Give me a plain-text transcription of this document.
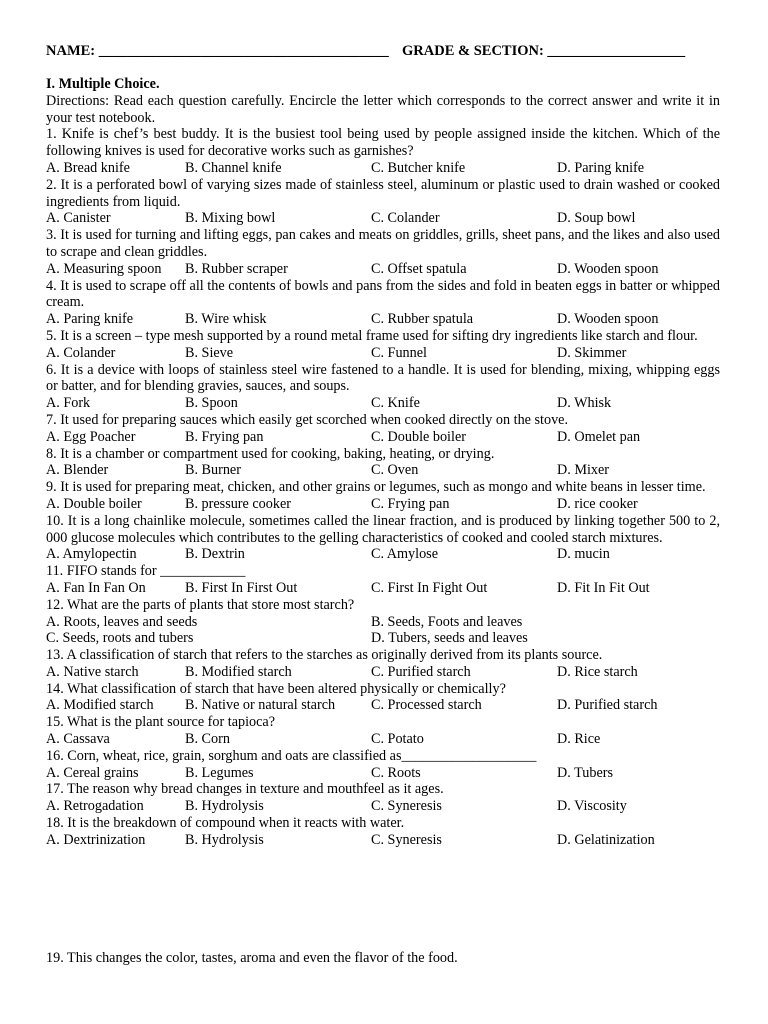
NAME: ________________________________________ GRADE & SECTION: ___________________
I. Multiple Choice.
Directions: Read each question carefully. Encircle the letter which corresponds to the correct answer and write it in your test notebook.
1. Knife is chef’s best buddy. It is the busiest tool being used by people assigned inside the kitchen. Which of the following knives is used for decorative works such as garnishes?
A. Bread knife	B. Channel knife	C. Butcher knife	D. Paring knife
2. It is a perforated bowl of varying sizes made of stainless steel, aluminum or plastic used to drain washed or cooked ingredients from liquid.
A. Canister	B. Mixing bowl	C. Colander	D. Soup bowl
3. It is used for turning and lifting eggs, pan cakes and meats on griddles, grills, sheet pans, and the likes and also used to scrape and clean griddles.
A. Measuring spoon	B. Rubber scraper	C. Offset spatula	D. Wooden spoon
4. It is used to scrape off all the contents of bowls and pans from the sides and fold in beaten eggs in batter or whipped cream.
A. Paring knife	B. Wire whisk	C. Rubber spatula	D. Wooden spoon
5. It is a screen – type mesh supported by a round metal frame used for sifting dry ingredients like starch and flour.
A. Colander	B. Sieve	C. Funnel	D. Skimmer
6. It is a device with loops of stainless steel wire fastened to a handle. It is used for blending, mixing, whipping eggs or batter, and for blending gravies, sauces, and soups.
A. Fork	B. Spoon	C. Knife	D. Whisk
7. It used for preparing sauces which easily get scorched when cooked directly on the stove.
A. Egg Poacher	B. Frying pan	C. Double boiler	D. Omelet pan
8. It is a chamber or compartment used for cooking, baking, heating, or drying.
A. Blender	B. Burner	C. Oven	D. Mixer
9. It is used for preparing meat, chicken, and other grains or legumes, such as mongo and white beans in lesser time.
A. Double boiler	B. pressure cooker	C. Frying pan	D. rice cooker
10. It is a long chainlike molecule, sometimes called the linear fraction, and is produced by linking together 500 to 2, 000 glucose molecules which contributes to the gelling characteristics of cooked and cooled starch mixtures.
A. Amylopectin	B. Dextrin	C. Amylose	D. mucin
11. FIFO stands for ____________
A. Fan In Fan On	B. First In First Out	C. First In Fight Out	D. Fit In Fit Out
12. What are the parts of plants that store most starch?
A. Roots, leaves and seeds	B. Seeds, Foots and leaves
C. Seeds, roots and tubers	D. Tubers, seeds and leaves
13. A classification of starch that refers to the starches as originally derived from its plants source.
A. Native starch	B. Modified starch	C. Purified starch	D. Rice starch
14. What classification of starch that have been altered physically or chemically?
A. Modified starch	B. Native or natural starch	C. Processed starch	D. Purified starch
15. What is the plant source for tapioca?
A. Cassava	B. Corn	C. Potato	D. Rice
16. Corn, wheat, rice, grain, sorghum and oats are classified as___________________
A. Cereal grains	B. Legumes	C. Roots	D. Tubers
17. The reason why bread changes in texture and mouthfeel as it ages.
A. Retrogadation	B. Hydrolysis	C. Syneresis	D. Viscosity
18. It is the breakdown of compound when it reacts with water.
A. Dextrinization	B. Hydrolysis	C. Syneresis	D. Gelatinization
19. This changes the color, tastes, aroma and even the flavor of the food.
